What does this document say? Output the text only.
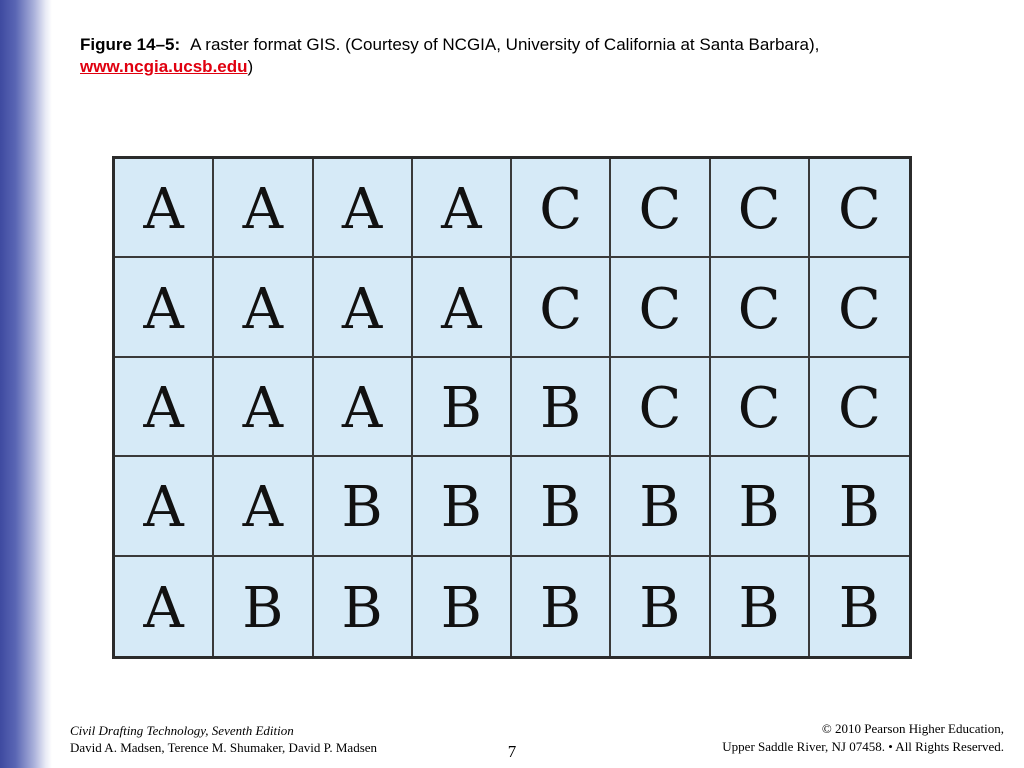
Figure 14–5: A raster format GIS. (Courtesy of NCGIA, University of California at Santa Barbara),
www.ncgia.ucsb.edu)
A	A	A	A	C	C	C	C
A	A	A	A	C	C	C	C
A	A	A	B	B	C	C	C
A	A	B	B	B	B	B	B
A	B	B	B	B	B	B	B
Civil Drafting Technology, Seventh Edition
David A. Madsen, Terence M. Shumaker, David P. Madsen	7
© 2010 Pearson Higher Education,
Upper Saddle River, NJ 07458. • All Rights Reserved.
